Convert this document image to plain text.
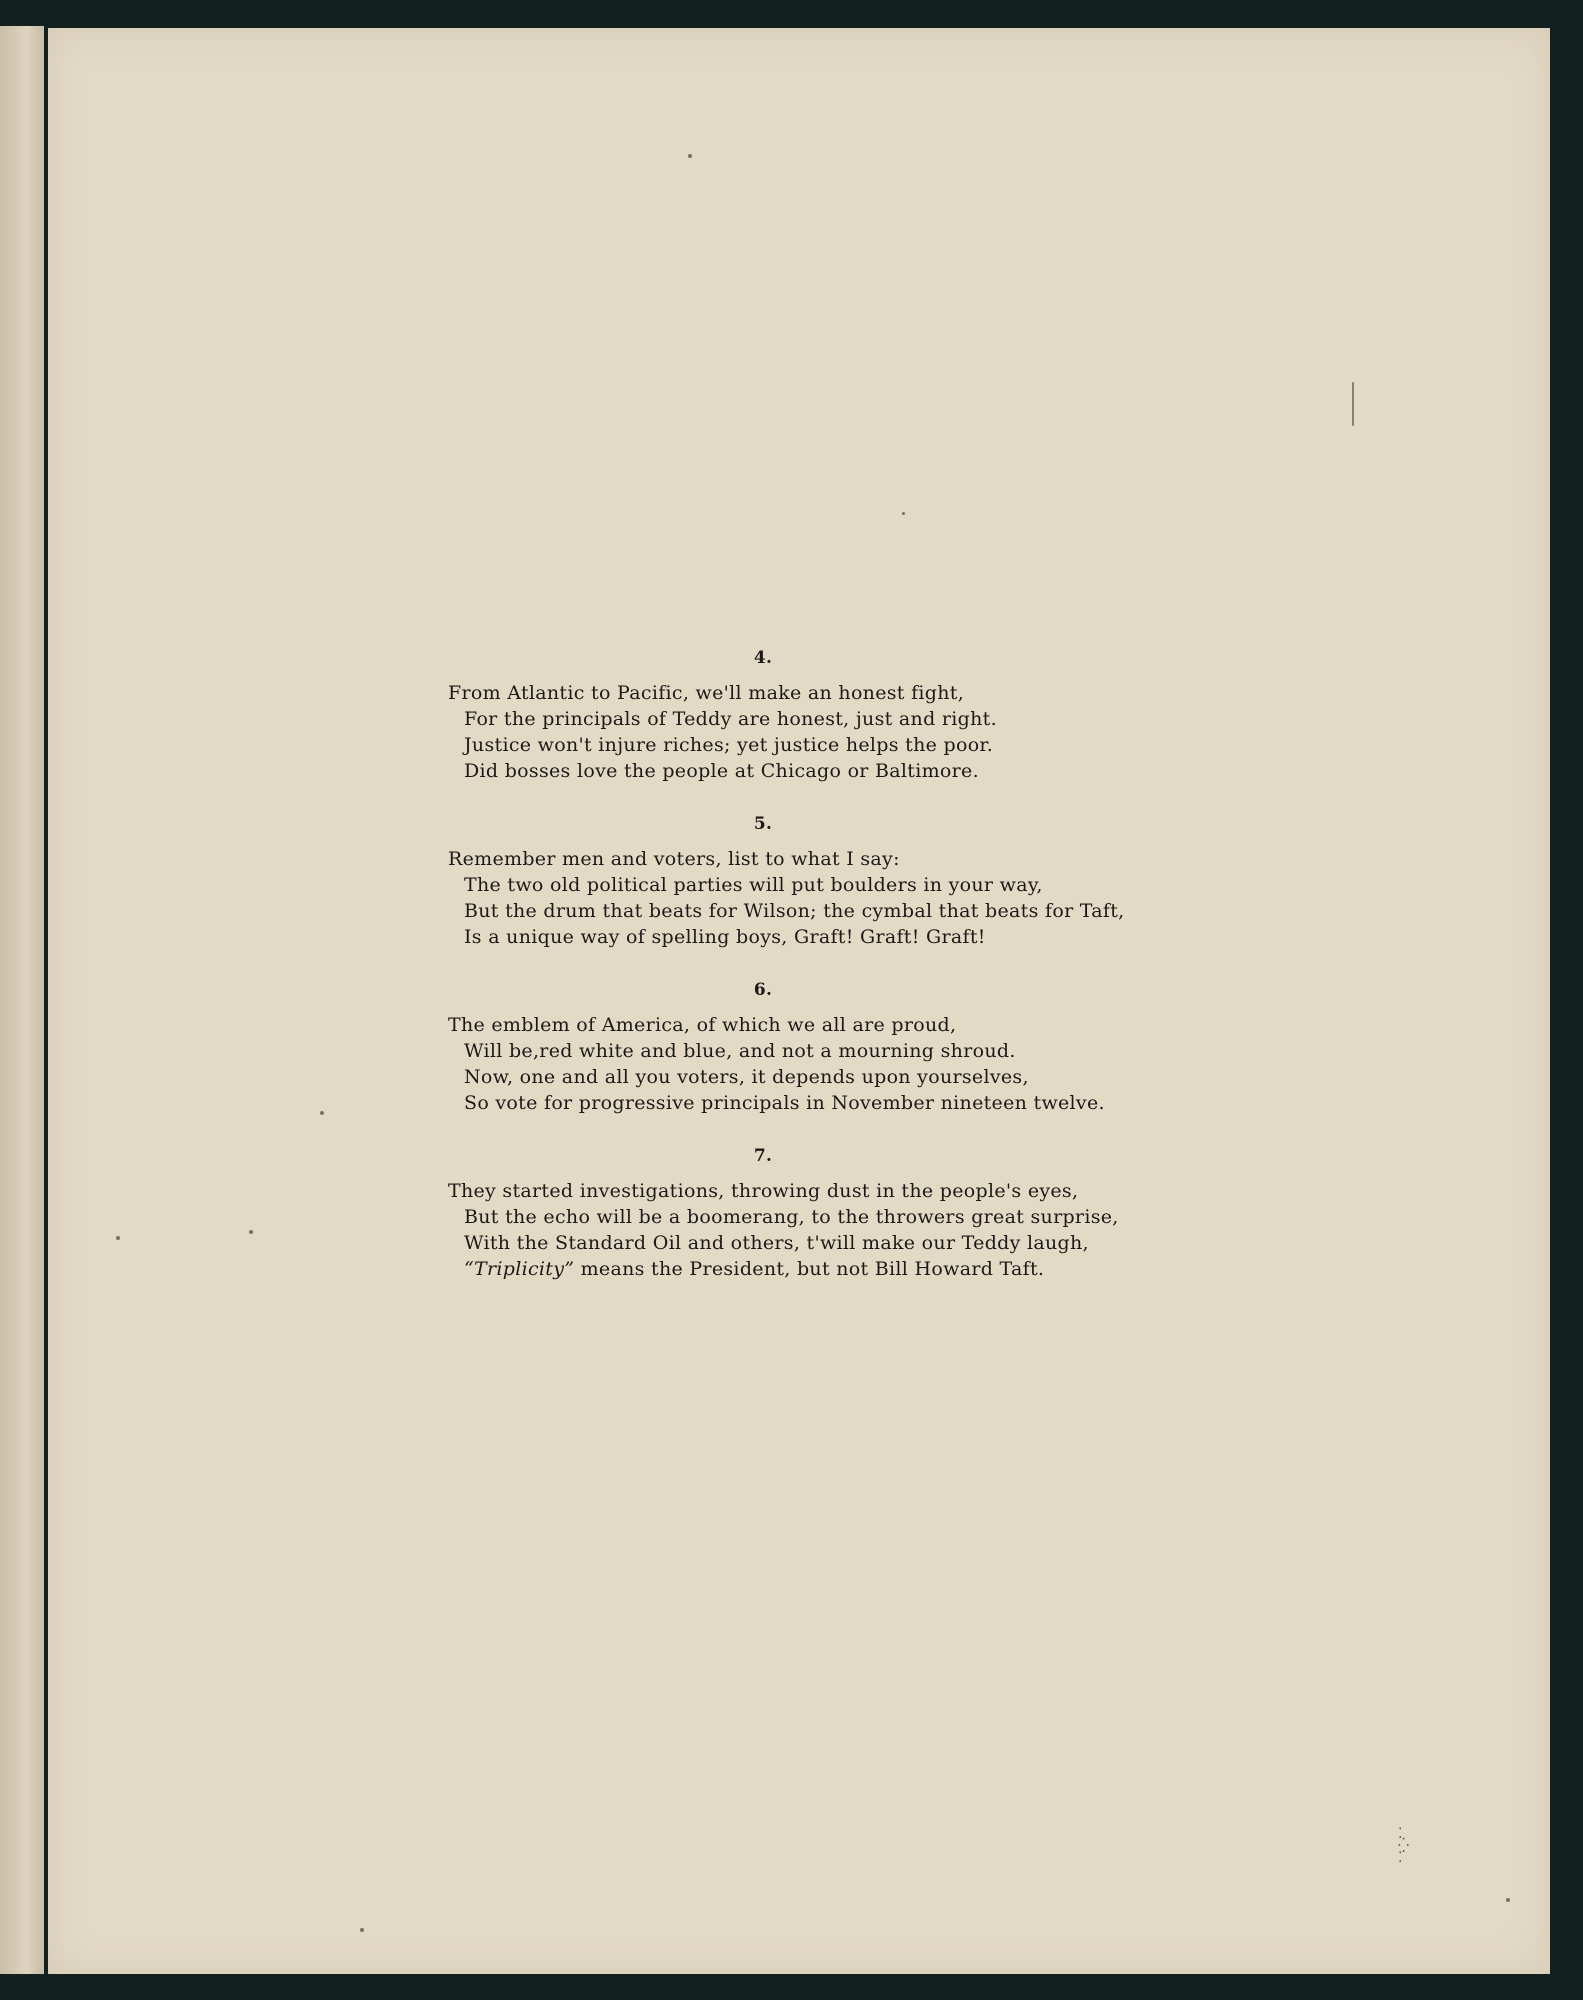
4.
From Atlantic to Pacific, we'll make an honest fight,
For the principals of Teddy are honest, just and right.
Justice won't injure riches; yet justice helps the poor.
Did bosses love the people at Chicago or Baltimore.
5.
Remember men and voters, list to what I say:
The two old political parties will put boulders in your way,
But the drum that beats for Wilson; the cymbal that beats for Taft,
Is a unique way of spelling boys, Graft! Graft! Graft!
6.
The emblem of America, of which we all are proud,
Will be,red white and blue, and not a mourning shroud.
Now, one and all you voters, it depends upon yourselves,
So vote for progressive principals in November nineteen twelve.
7.
They started investigations, throwing dust in the people's eyes,
But the echo will be a boomerang, to the throwers great surprise,
With the Standard Oil and others, t'will make our Teddy laugh,
“Triplicity” means the President, but not Bill Howard Taft.
⁚
⁛
⁚
